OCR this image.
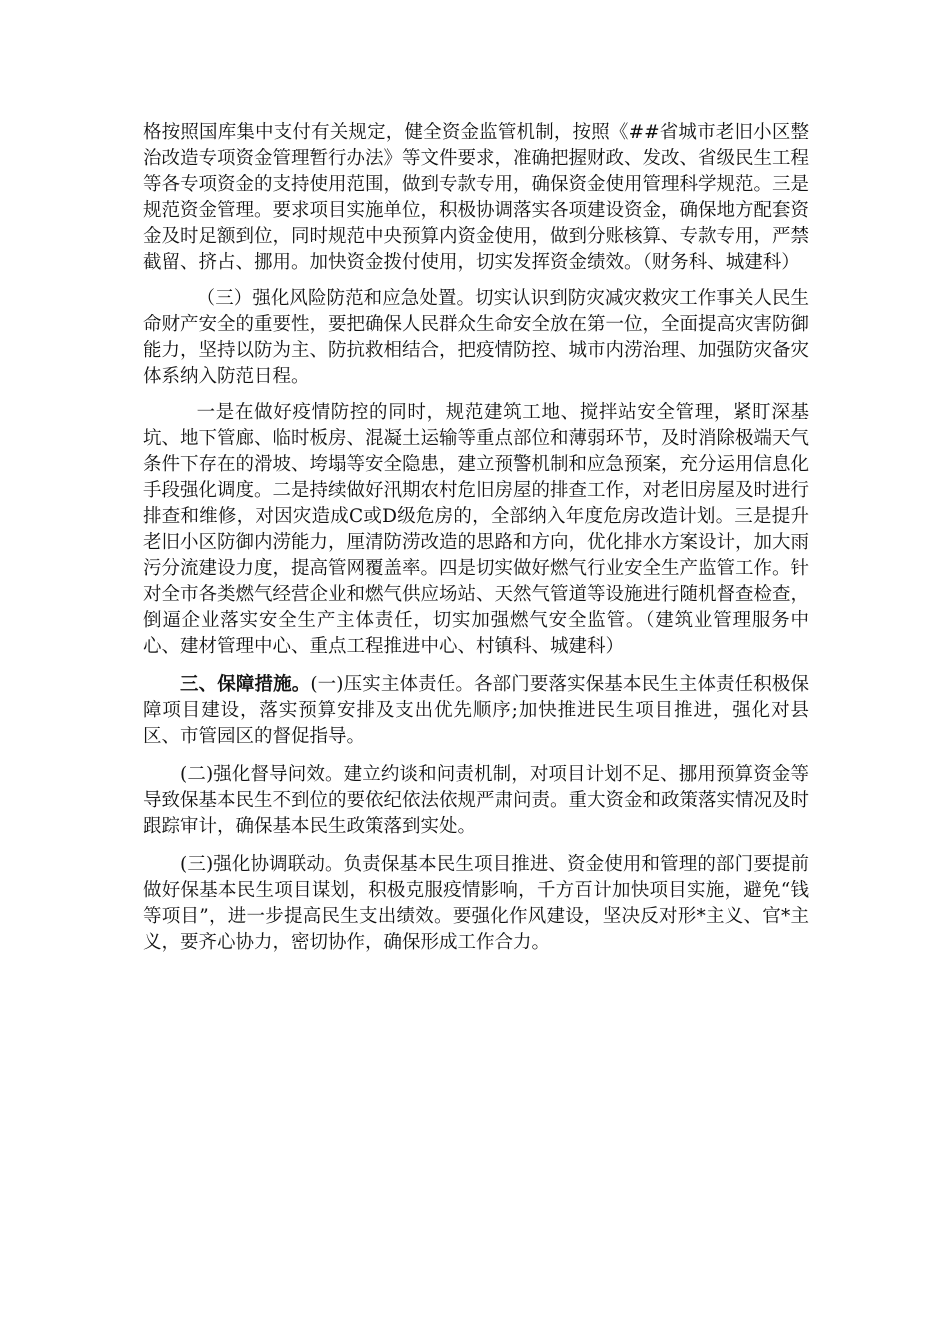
格按照国库集中支付有关规定，健全资金监管机制，按照《##省城市老旧小区整治改造专项资金管理暂行办法》等文件要求，准确把握财政、发改、省级民生工程等各专项资金的支持使用范围，做到专款专用，确保资金使用管理科学规范。三是规范资金管理。要求项目实施单位，积极协调落实各项建设资金，确保地方配套资金及时足额到位，同时规范中央预算内资金使用，做到分账核算、专款专用，严禁截留、挤占、挪用。加快资金拨付使用，切实发挥资金绩效。（财务科、城建科）

（三）强化风险防范和应急处置。切实认识到防灾减灾救灾工作事关人民生命财产安全的重要性，要把确保人民群众生命安全放在第一位，全面提高灾害防御能力，坚持以防为主、防抗救相结合，把疫情防控、城市内涝治理、加强防灾备灾体系纳入防范日程。

一是在做好疫情防控的同时，规范建筑工地、搅拌站安全管理，紧盯深基坑、地下管廊、临时板房、混凝土运输等重点部位和薄弱环节，及时消除极端天气条件下存在的滑坡、垮塌等安全隐患，建立预警机制和应急预案，充分运用信息化手段强化调度。二是持续做好汛期农村危旧房屋的排查工作，对老旧房屋及时进行排查和维修，对因灾造成C或D级危房的，全部纳入年度危房改造计划。三是提升老旧小区防御内涝能力，厘清防涝改造的思路和方向，优化排水方案设计，加大雨污分流建设力度，提高管网覆盖率。四是切实做好燃气行业安全生产监管工作。针对全市各类燃气经营企业和燃气供应场站、天然气管道等设施进行随机督查检查，倒逼企业落实安全生产主体责任，切实加强燃气安全监管。（建筑业管理服务中心、建材管理中心、重点工程推进中心、村镇科、城建科）

三、保障措施。(一)压实主体责任。各部门要落实保基本民生主体责任积极保障项目建设，落实预算安排及支出优先顺序;加快推进民生项目推进，强化对县区、市管园区的督促指导。

(二)强化督导问效。建立约谈和问责机制，对项目计划不足、挪用预算资金等导致保基本民生不到位的要依纪依法依规严肃问责。重大资金和政策落实情况及时跟踪审计，确保基本民生政策落到实处。

(三)强化协调联动。负责保基本民生项目推进、资金使用和管理的部门要提前做好保基本民生项目谋划，积极克服疫情影响，千方百计加快项目实施，避免“钱等项目”，进一步提高民生支出绩效。要强化作风建设，坚决反对形*主义、官*主义，要齐心协力，密切协作，确保形成工作合力。
